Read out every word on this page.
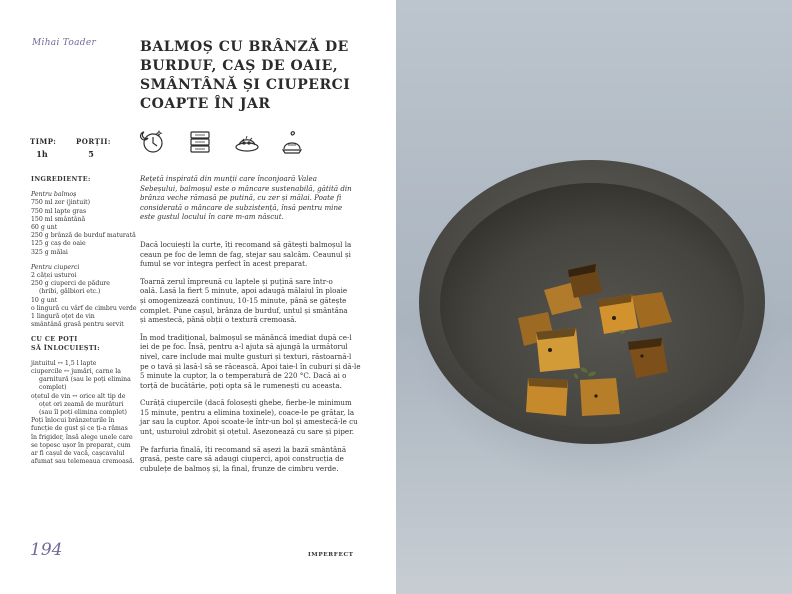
Mihai Toader	BALMOȘ CU BRÂNZĂ DE
BURDUF, CAȘ DE OAIE,
SMÂNTÂNĂ ȘI CIUPERCI
COAPTE ÎN JAR
TIMP:
1h
PORȚII:
5
INGREDIENTE:
Pentru balmoș
750 ml zer (jintuit)
750 ml lapte gras
150 ml smântână
60 g unt
250 g brânză de burduf maturată
125 g caș de oaie
325 g mălai
Pentru ciuperci
2 căței usturoi
250 g ciuperci de pădure
(hribi, gălbiori etc.)
10 g unt
o lingură cu vârf de cimbru verde
1 lingură oțet de vin
smântână grasă pentru servit
CU CE POȚI
SĂ ÎNLOCUIEȘTI:
jintuitul ↔ 1,5 l lapte
ciupercile ↔ jumări, carne la
garnitură (sau le poți elimina
complet)
oțetul de vin ↔ orice alt tip de
oțet ori zeamă de murături
(sau îl poți elimina complet)
Poți înlocui brânzeturile în
funcție de gust și ce ți-a rămas
în frigider, însă alege unele care
se topesc ușor în preparat, cum
ar fi cașul de vacă, cașcavalul
afumat sau telemeaua cremoasă.
Rețetă inspirată din munții care înconjoară Valea
Sebeșului, balmoșul este o mâncare sustenabilă, gătită din
brânza veche rămasă pe putină, cu zer și mălai. Poate fi
considerată o mâncare de subzistență, însă pentru mine
este gustul locului în care m-am născut.

Dacă locuiești la curte, îți recomand să gătești balmoșul la
ceaun pe foc de lemn de fag, stejar sau salcâm. Ceaunul și
fumul se vor integra perfect în acest preparat.

Toarnă zerul împreună cu laptele și puțină sare într-o
oală. Lasă la fiert 5 minute, apoi adaugă mălaiul în ploaie
și omogenizează continuu, 10-15 minute, până se gătește
complet. Pune cașul, brânza de burduf, untul și smântâna
și amestecă, până obții o textură cremoasă.

În mod tradițional, balmoșul se mănâncă imediat după ce-l
iei de pe foc. Însă, pentru a-l ajuta să ajungă la următorul
nivel, care include mai multe gusturi și texturi, răstoarnă-l
pe o tavă și lasă-l să se răcească. Apoi taie-l în cuburi și dă-le
5 minute la cuptor, la o temperatură de 220 °C. Dacă ai o
torță de bucătărie, poți opta să le rumenești cu aceasta.

Curăță ciupercile (dacă folosești ghebe, fierbe-le minimum
15 minute, pentru a elimina toxinele), coace-le pe grătar, la
jar sau la cuptor. Apoi scoate-le într-un bol și amestecă-le cu
unt, usturoiul zdrobit și oțetul. Asezonează cu sare și piper.

Pe farfuria finală, îți recomand să așezi la bază smântână
grasă, peste care să adaugi ciuperci, apoi construcția de
cubulețe de balmoș și, la final, frunze de cimbru verde.

194	IMPERFECT
